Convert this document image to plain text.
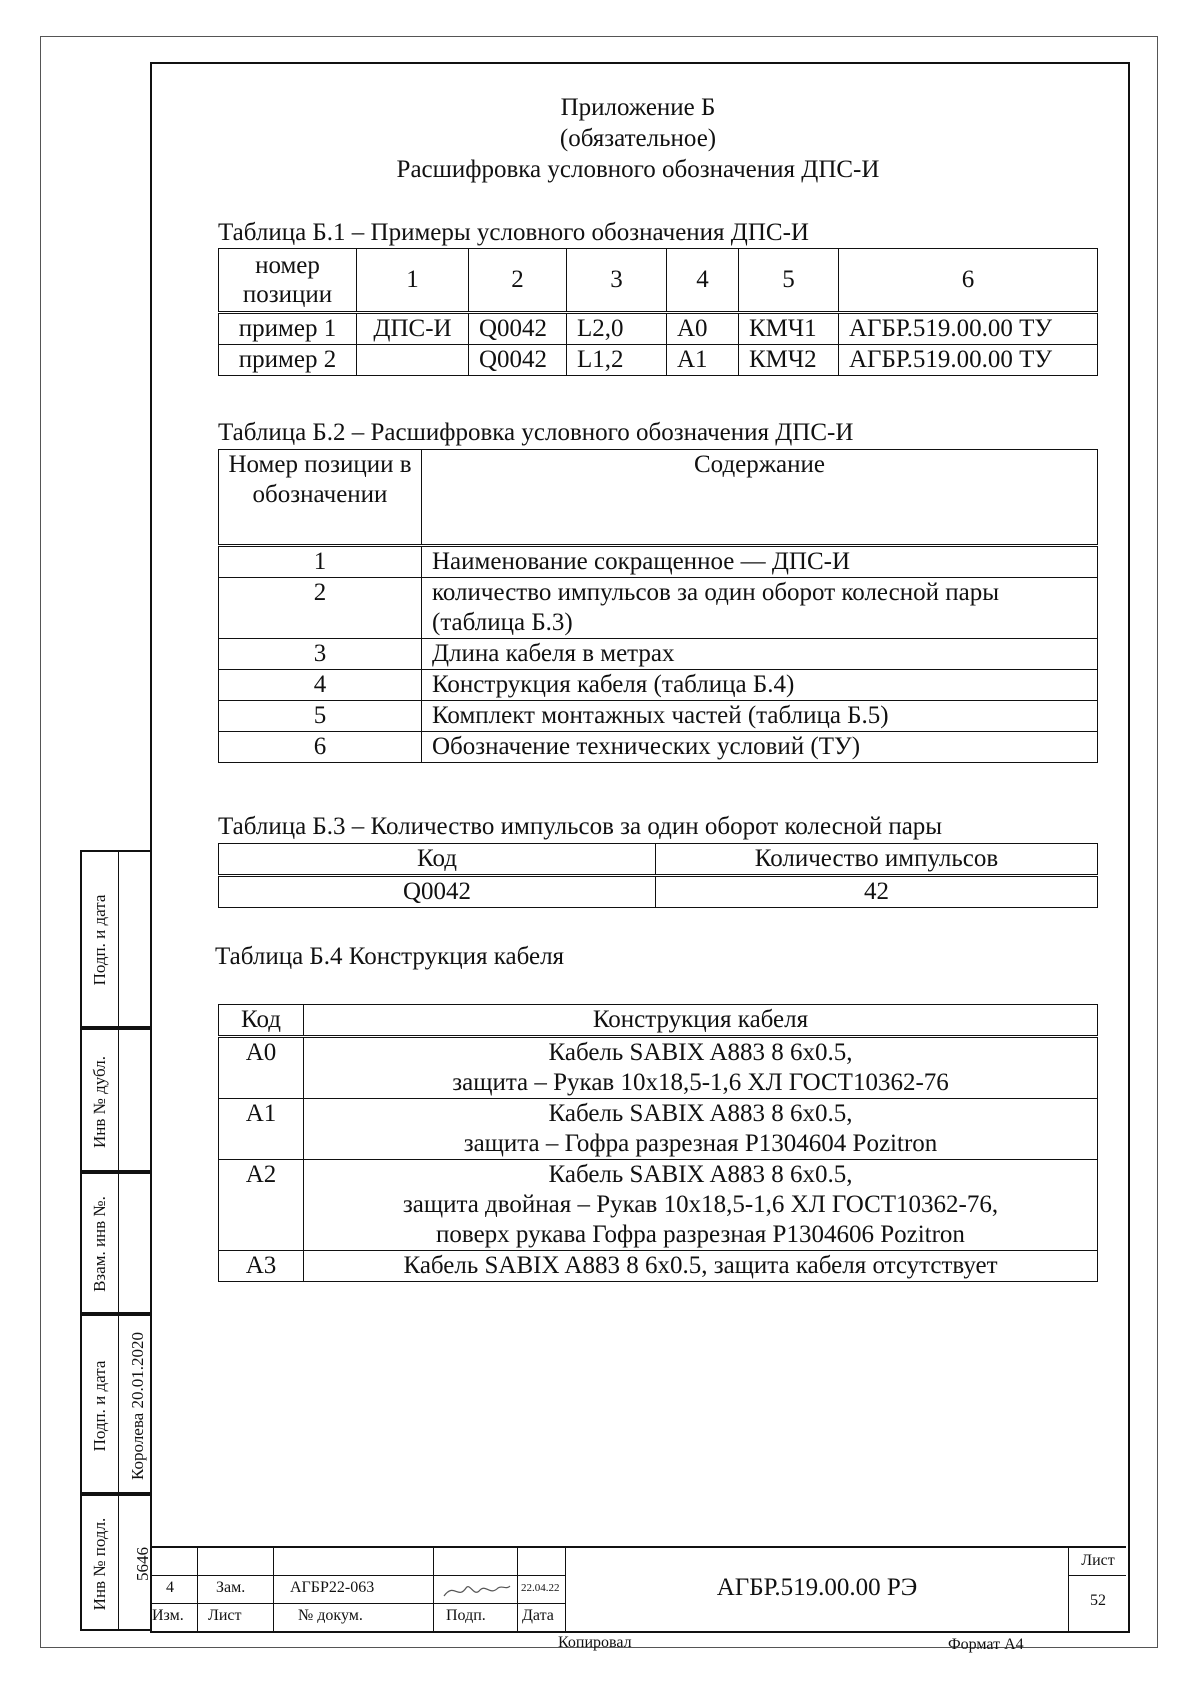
Приложение Б
(обязательное)
Расшифровка условного обозначения ДПС-И
Таблица Б.1 – Примеры условного обозначения ДПС-И
номер позиции	1	2	3	4	5	6
пример 1	ДПС-И	Q0042	L2,0	A0	КМЧ1	АГБР.519.00.00 ТУ
пример 2		Q0042	L1,2	A1	КМЧ2	АГБР.519.00.00 ТУ
Таблица Б.2 – Расшифровка условного обозначения ДПС-И
Номер позиции в обозначении	Содержание
1	Наименование сокращенное — ДПС-И
2	количество импульсов за один оборот колесной пары (таблица Б.3)
3	Длина кабеля в метрах
4	Конструкция кабеля (таблица Б.4)
5	Комплект монтажных частей (таблица Б.5)
6	Обозначение технических условий (ТУ)
Таблица Б.3 – Количество импульсов за один оборот колесной пары
Код	Количество импульсов
Q0042	42
Таблица Б.4 Конструкция кабеля
Код	Конструкция кабеля
A0	Кабель SABIX A883 8 6x0.5,
защита – Рукав 10х18,5-1,6 ХЛ ГОСТ10362-76

A1	Кабель SABIX A883 8 6x0.5,
защита – Гофра разрезная P1304604 Pozitron

A2	Кабель SABIX A883 8 6x0.5,
защита двойная – Рукав 10х18,5-1,6 ХЛ ГОСТ10362-76,
поверх рукава Гофра разрезная P1304606 Pozitron

A3	Кабель SABIX A883 8 6x0.5, защита кабеля отсутствует
Подп. и дата
Инв № дубл.
Взам. инв №.
Подп. и дата Королева 20.01.2020
Инв № подл. 5646
4	Зам.	АГБР22-063	22.04.22
Изм. Лист	№ докум.	Подп. Дата
АГБР.519.00.00 РЭ
Лист
52
Копировал	Формат А4
